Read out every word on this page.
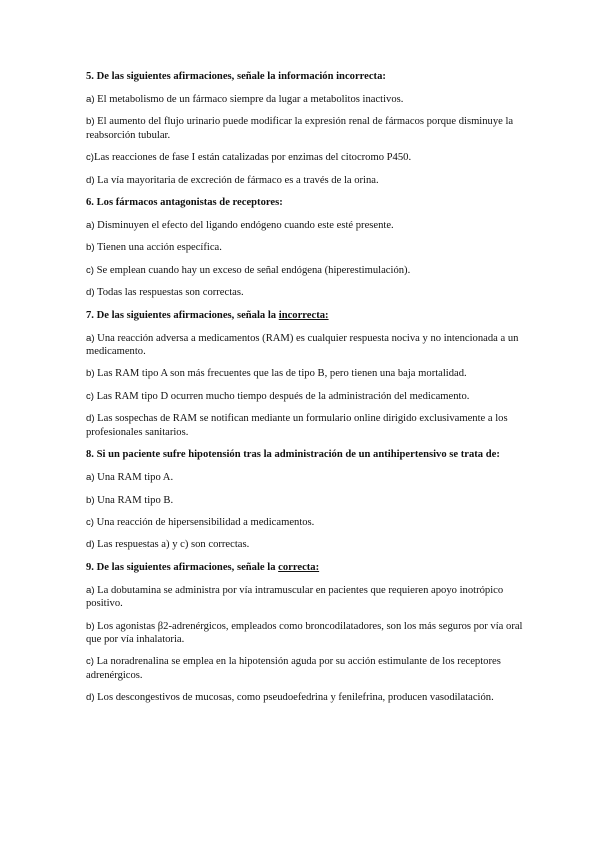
5. De las siguientes afirmaciones, señale la información incorrecta:

a) El metabolismo de un fármaco siempre da lugar a metabolitos inactivos.

b) El aumento del flujo urinario puede modificar la expresión renal de fármacos porque disminuye la reabsorción tubular.

c)Las reacciones de fase I están catalizadas por enzimas del citocromo P450.

d) La vía mayoritaria de excreción de fármaco es a través de la orina.

6. Los fármacos antagonistas de receptores:

a) Disminuyen el efecto del ligando endógeno cuando este esté presente.

b) Tienen una acción específica.

c) Se emplean cuando hay un exceso de señal endógena (hiperestimulación).

d) Todas las respuestas son correctas.

7. De las siguientes afirmaciones, señala la incorrecta:

a) Una reacción adversa a medicamentos (RAM) es cualquier respuesta nociva y no intencionada a un medicamento.

b) Las RAM tipo A son más frecuentes que las de tipo B, pero tienen una baja mortalidad.

c) Las RAM tipo D ocurren mucho tiempo después de la administración del medicamento.

d) Las sospechas de RAM se notifican mediante un formulario online dirigido exclusivamente a los profesionales sanitarios.

8. Si un paciente sufre hipotensión tras la administración de un antihipertensivo se trata de:

a) Una RAM tipo A.

b) Una RAM tipo B.

c) Una reacción de hipersensibilidad a medicamentos.

d) Las respuestas a) y c) son correctas.

9. De las siguientes afirmaciones, señale la correcta:

a) La dobutamina se administra por vía intramuscular en pacientes que requieren apoyo inotrópico positivo.

b) Los agonistas β2-adrenérgicos, empleados como broncodilatadores, son los más seguros por vía oral que por vía inhalatoria.

c) La noradrenalina se emplea en la hipotensión aguda por su acción estimulante de los receptores adrenérgicos.

d) Los descongestivos de mucosas, como pseudoefedrina y fenilefrina, producen vasodilatación.
